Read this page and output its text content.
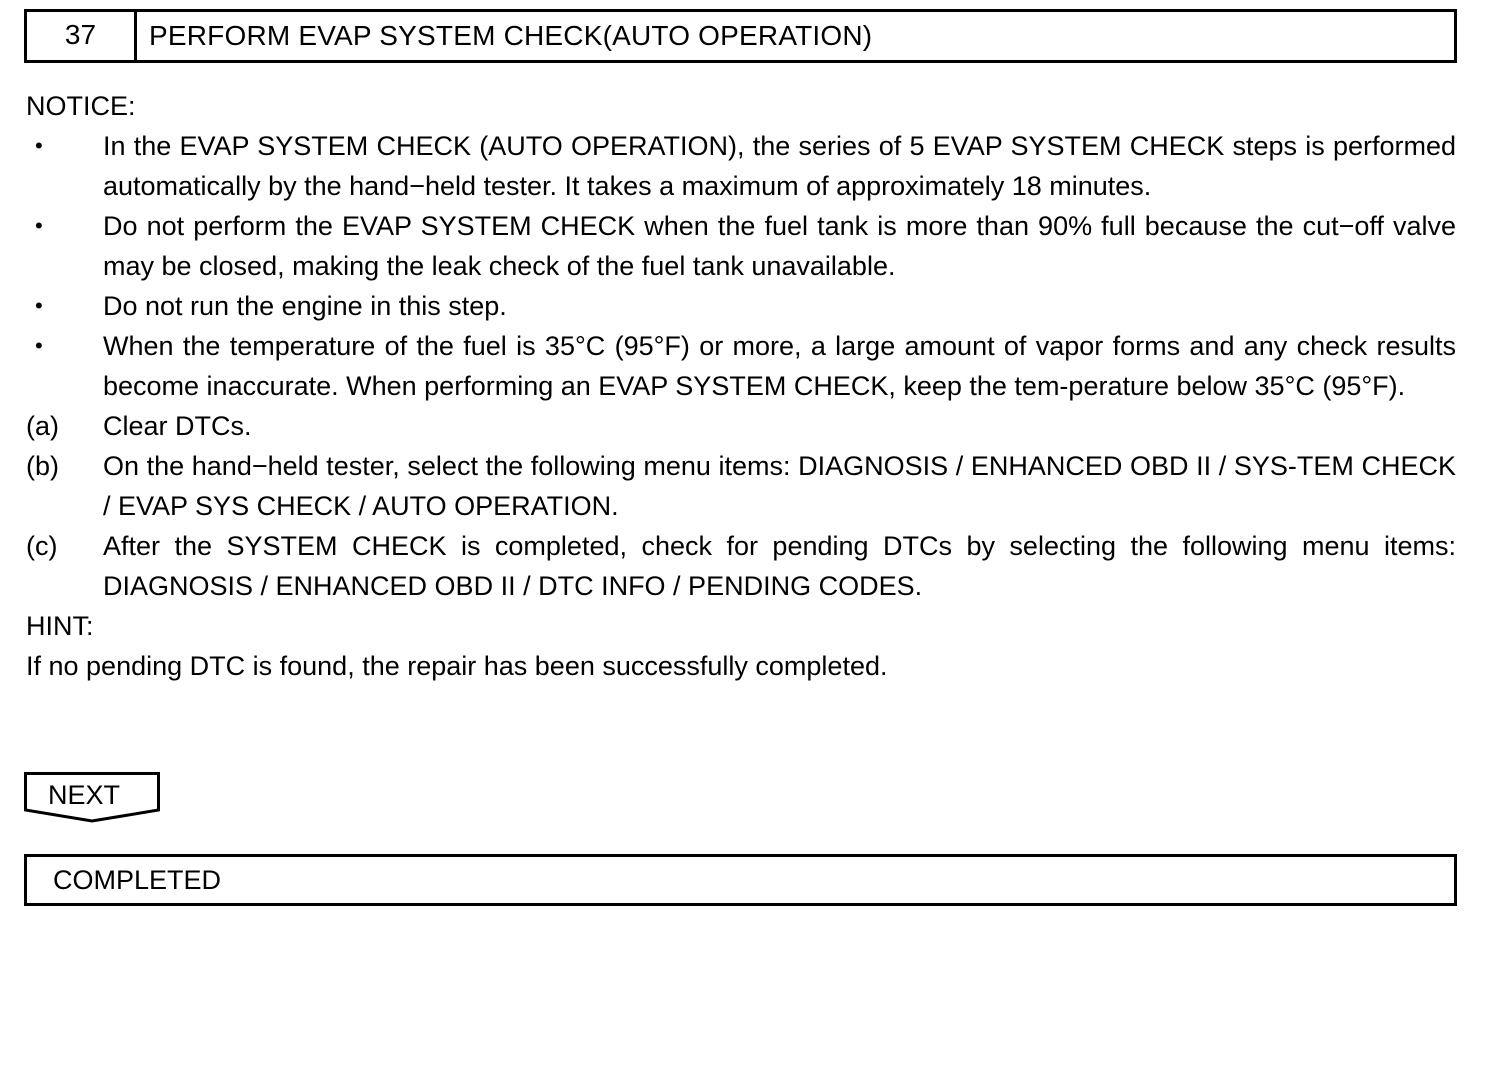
37	PERFORM EVAP SYSTEM CHECK(AUTO OPERATION)
NOTICE:
•	In the EVAP SYSTEM CHECK (AUTO OPERATION), the series of 5 EVAP SYSTEM CHECK steps is performed automatically by the hand−held tester. It takes a maximum of approximately 18 minutes.
•	Do not perform the EVAP SYSTEM CHECK when the fuel tank is more than 90% full because the cut−off valve may be closed, making the leak check of the fuel tank unavailable.
•	Do not run the engine in this step.
•	When the temperature of the fuel is 35°C (95°F) or more, a large amount of vapor forms and any check results become inaccurate. When performing an EVAP SYSTEM CHECK, keep the tem-perature below 35°C (95°F).
(a)	Clear DTCs.
(b)	On the hand−held tester, select the following menu items: DIAGNOSIS / ENHANCED OBD II / SYS-TEM CHECK / EVAP SYS CHECK / AUTO OPERATION.
(c)	After the SYSTEM CHECK is completed, check for pending DTCs by selecting the following menu items: DIAGNOSIS / ENHANCED OBD II / DTC INFO / PENDING CODES.
HINT:
If no pending DTC is found, the repair has been successfully completed.
NEXT
COMPLETED
